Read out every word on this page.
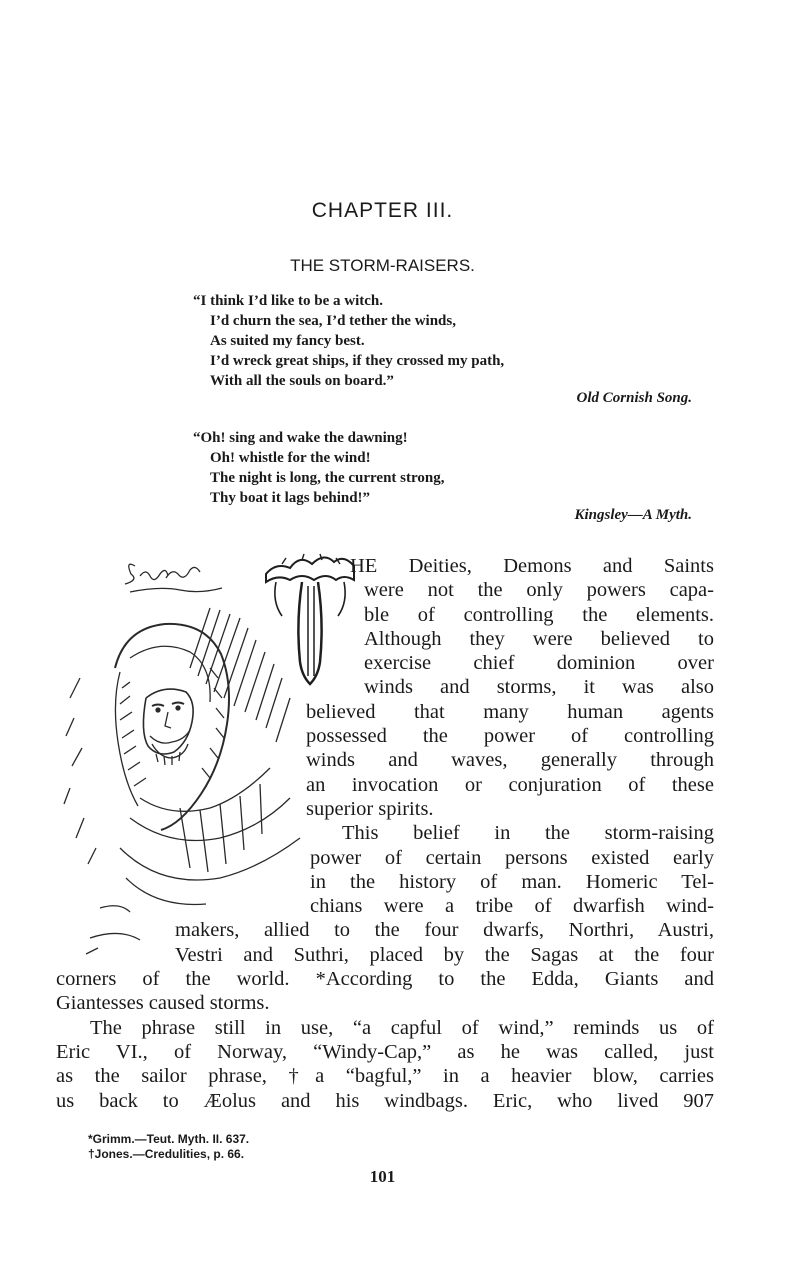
CHAPTER III.
THE STORM-RAISERS.
“I think I’d like to be a witch.
I’d churn the sea, I’d tether the winds,
As suited my fancy best.
I’d wreck great ships, if they crossed my path,
With all the souls on board.”
Old Cornish Song.
“Oh! sing and wake the dawning!
Oh! whistle for the wind!
The night is long, the current strong,
Thy boat it lags behind!”
Kingsley—A Myth.
HE Deities, Demons and Saints
were not the only powers capa-
ble of controlling the elements.
Although they were believed to
exercise chief dominion over
winds and storms, it was also
believed that many human agents
possessed the power of controlling
winds and waves, generally through
an invocation or conjuration of these
superior spirits.
This belief in the storm-raising
power of certain persons existed early
in the history of man. Homeric Tel-
chians were a tribe of dwarfish wind-
makers, allied to the four dwarfs, Northri, Austri,
Vestri and Suthri, placed by the Sagas at the four
corners of the world. *According to the Edda, Giants and
Giantesses caused storms.
The phrase still in use, “a capful of wind,” reminds us of
Eric VI., of Norway, “Windy-Cap,” as he was called, just
as the sailor phrase, †a “bagful,” in a heavier blow, carries
us back to Æolus and his windbags. Eric, who lived 907
*Grimm.—Teut. Myth. II. 637.
†Jones.—Credulities, p. 66.
101
